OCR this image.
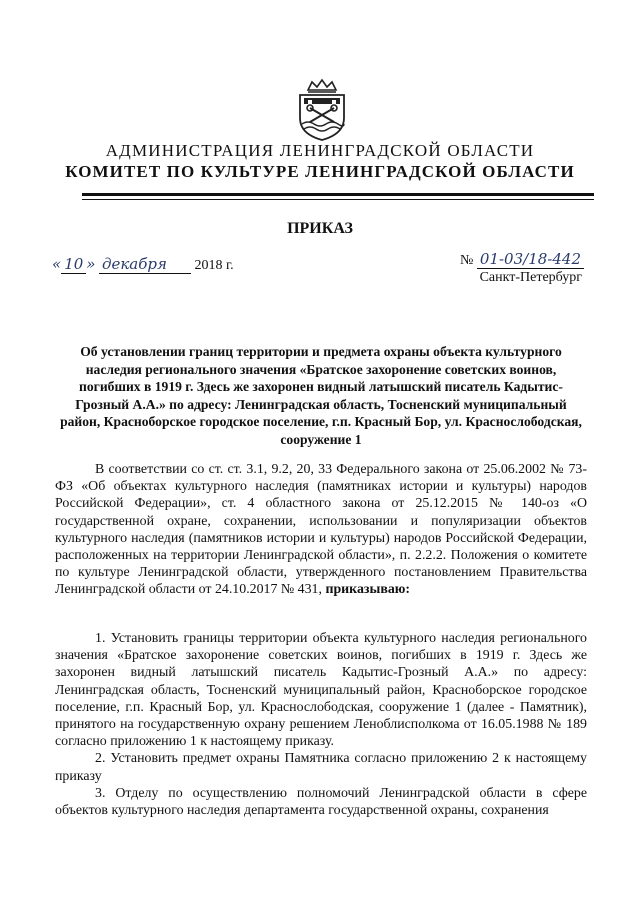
АДМИНИСТРАЦИЯ ЛЕНИНГРАДСКОЙ ОБЛАСТИ
КОМИТЕТ ПО КУЛЬТУРЕ ЛЕНИНГРАДСКОЙ ОБЛАСТИ
ПРИКАЗ
« 10 » декабря 2018 г.	№ 01-03/18-442
Санкт-Петербург
Об установлении границ территории и предмета охраны объекта культурного наследия регионального значения «Братское захоронение советских воинов, погибших в 1919 г. Здесь же захоронен видный латышский писатель Кадытис-Грозный А.А.» по адресу: Ленинградская область, Тосненский муниципальный район, Красноборское городское поселение, г.п. Красный Бор, ул. Краснослободская, сооружение 1
В соответствии со ст. ст. 3.1, 9.2, 20, 33 Федерального закона от 25.06.2002 № 73-ФЗ «Об объектах культурного наследия (памятниках истории и культуры) народов Российской Федерации», ст. 4 областного закона от 25.12.2015 № 140-оз «О государственной охране, сохранении, использовании и популяризации объектов культурного наследия (памятников истории и культуры) народов Российской Федерации, расположенных на территории Ленинградской области», п. 2.2.2. Положения о комитете по культуре Ленинградской области, утвержденного постановлением Правительства Ленинградской области от 24.10.2017 № 431, приказываю:
1. Установить границы территории объекта культурного наследия регионального значения «Братское захоронение советских воинов, погибших в 1919 г. Здесь же захоронен видный латышский писатель Кадытис-Грозный А.А.» по адресу: Ленинградская область, Тосненский муниципальный район, Красноборское городское поселение, г.п. Красный Бор, ул. Краснослободская, сооружение 1 (далее - Памятник), принятого на государственную охрану решением Леноблисполкома от 16.05.1988 № 189 согласно приложению 1 к настоящему приказу.
2. Установить предмет охраны Памятника согласно приложению 2 к настоящему приказу
3. Отделу по осуществлению полномочий Ленинградской области в сфере объектов культурного наследия департамента государственной охраны, сохранения
